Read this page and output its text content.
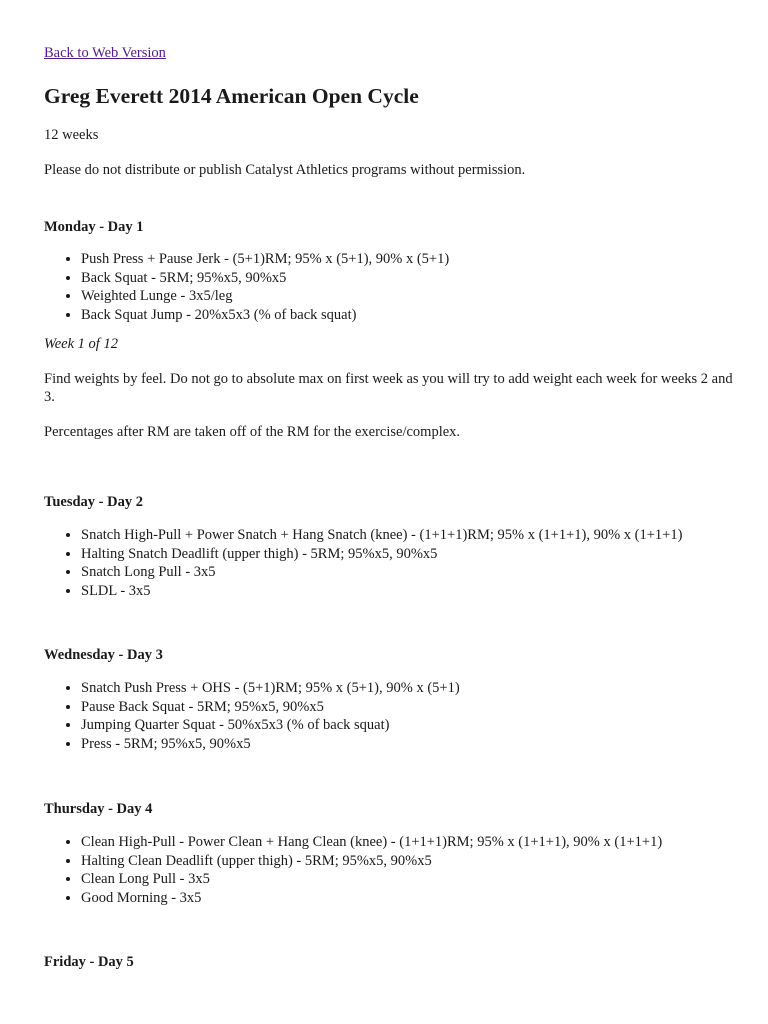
Back to Web Version
Greg Everett 2014 American Open Cycle

12 weeks

Please do not distribute or publish Catalyst Athletics programs without permission.

Monday - Day 1
• Push Press + Pause Jerk - (5+1)RM; 95% x (5+1), 90% x (5+1)
• Back Squat - 5RM; 95%x5, 90%x5
• Weighted Lunge - 3x5/leg
• Back Squat Jump - 20%x5x3 (% of back squat)

Week 1 of 12

Find weights by feel. Do not go to absolute max on first week as you will try to add weight each week for weeks 2 and 3.

Percentages after RM are taken off of the RM for the exercise/complex.

Tuesday - Day 2
• Snatch High-Pull + Power Snatch + Hang Snatch (knee) - (1+1+1)RM; 95% x (1+1+1), 90% x (1+1+1)
• Halting Snatch Deadlift (upper thigh) - 5RM; 95%x5, 90%x5
• Snatch Long Pull - 3x5
• SLDL - 3x5
Wednesday - Day 3
• Snatch Push Press + OHS - (5+1)RM; 95% x (5+1), 90% x (5+1)
• Pause Back Squat - 5RM; 95%x5, 90%x5
• Jumping Quarter Squat - 50%x5x3 (% of back squat)
• Press - 5RM; 95%x5, 90%x5
Thursday - Day 4
• Clean High-Pull - Power Clean + Hang Clean (knee) - (1+1+1)RM; 95% x (1+1+1), 90% x (1+1+1)
• Halting Clean Deadlift (upper thigh) - 5RM; 95%x5, 90%x5
• Clean Long Pull - 3x5
• Good Morning - 3x5
Friday - Day 5
